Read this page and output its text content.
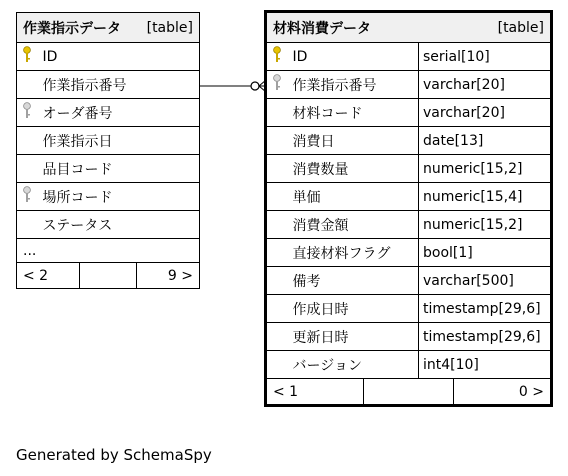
作業指示データ [table]	

	ID
	作業指示番号
	オーダ番号
	作業指示日
	品目コード
	場所コード
	ステータス
...	

< 2 9 >	
材料消費データ [table]		

	ID	serial[10]
	作業指示番号	varchar[20]
	材料コード	varchar[20]
	消費日	date[13]
	消費数量	numeric[15,2]
	単価	numeric[15,4]
	消費金額	numeric[15,2]
	直接材料フラグ	bool[1]
	備考	varchar[500]
	作成日時	timestamp[29,6]
	更新日時	timestamp[29,6]
	バージョン	int4[10]

< 1 0 >		
Generated by SchemaSpy
